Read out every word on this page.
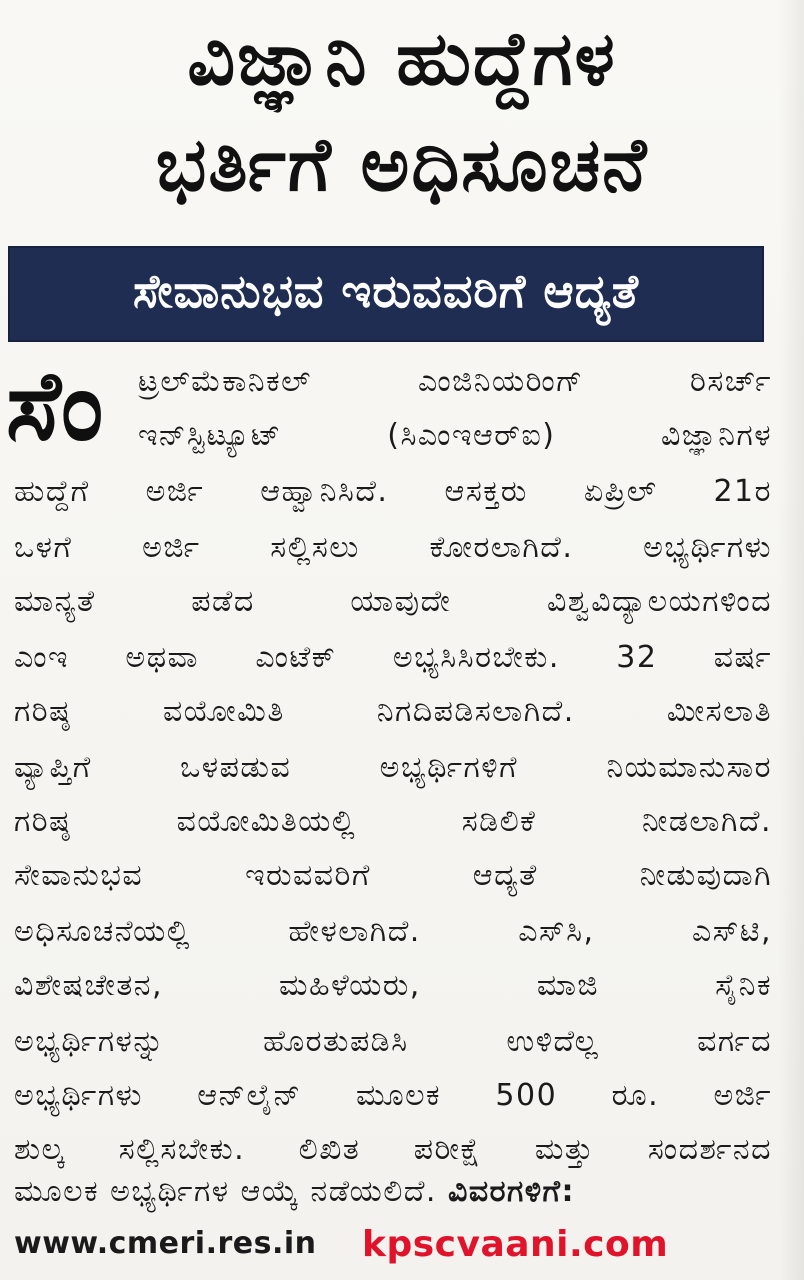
ವಿಜ್ಞಾನಿ ಹುದ್ದೆಗಳ
ಭರ್ತಿಗೆ ಅಧಿಸೂಚನೆ
ಸೇವಾನುಭವ ಇರುವವರಿಗೆ ಆದ್ಯತೆ
ಸೆಂ	ಟ್ರಲ್‌ಮೆಕಾನಿಕಲ್ ಎಂಜಿನಿಯರಿಂಗ್ ರಿಸರ್ಚ್
ಇನ್‌ಸ್ಟಿಟ್ಯೂಟ್ (ಸಿಎಂಇಆರ್‌ಐ) ವಿಜ್ಞಾನಿಗಳ
ಹುದ್ದೆಗೆ ಅರ್ಜಿ ಆಹ್ವಾನಿಸಿದೆ. ಆಸಕ್ತರು ಏಪ್ರಿಲ್ 21ರ
ಒಳಗೆ ಅರ್ಜಿ ಸಲ್ಲಿಸಲು ಕೋರಲಾಗಿದೆ. ಅಭ್ಯರ್ಥಿಗಳು
ಮಾನ್ಯತೆ ಪಡೆದ ಯಾವುದೇ ವಿಶ್ವವಿದ್ಯಾಲಯಗಳಿಂದ
ಎಂಇ ಅಥವಾ ಎಂಟೆಕ್ ಅಭ್ಯಸಿಸಿರಬೇಕು. 32 ವರ್ಷ
ಗರಿಷ್ಠ ವಯೋಮಿತಿ ನಿಗದಿಪಡಿಸಲಾಗಿದೆ. ಮೀಸಲಾತಿ
ವ್ಯಾಪ್ತಿಗೆ ಒಳಪಡುವ ಅಭ್ಯರ್ಥಿಗಳಿಗೆ ನಿಯಮಾನುಸಾರ
ಗರಿಷ್ಠ ವಯೋಮಿತಿಯಲ್ಲಿ ಸಡಿಲಿಕೆ ನೀಡಲಾಗಿದೆ.
ಸೇವಾನುಭವ ಇರುವವರಿಗೆ ಆದ್ಯತೆ ನೀಡುವುದಾಗಿ
ಅಧಿಸೂಚನೆಯಲ್ಲಿ ಹೇಳಲಾಗಿದೆ. ಎಸ್‌ಸಿ, ಎಸ್‌ಟಿ,
ವಿಶೇಷಚೇತನ, ಮಹಿಳೆಯರು, ಮಾಜಿ ಸೈನಿಕ
ಅಭ್ಯರ್ಥಿಗಳನ್ನು ಹೊರತುಪಡಿಸಿ ಉಳಿದೆಲ್ಲ ವರ್ಗದ
ಅಭ್ಯರ್ಥಿಗಳು ಆನ್‌ಲೈನ್ ಮೂಲಕ 500 ರೂ. ಅರ್ಜಿ
ಶುಲ್ಕ ಸಲ್ಲಿಸಬೇಕು. ಲಿಖಿತ ಪರೀಕ್ಷೆ ಮತ್ತು ಸಂದರ್ಶನದ
ಮೂಲಕ ಅಭ್ಯರ್ಥಿಗಳ ಆಯ್ಕೆ ನಡೆಯಲಿದೆ. ವಿವರಗಳಿಗೆ:
www.cmeri.res.in kpscvaani.com
